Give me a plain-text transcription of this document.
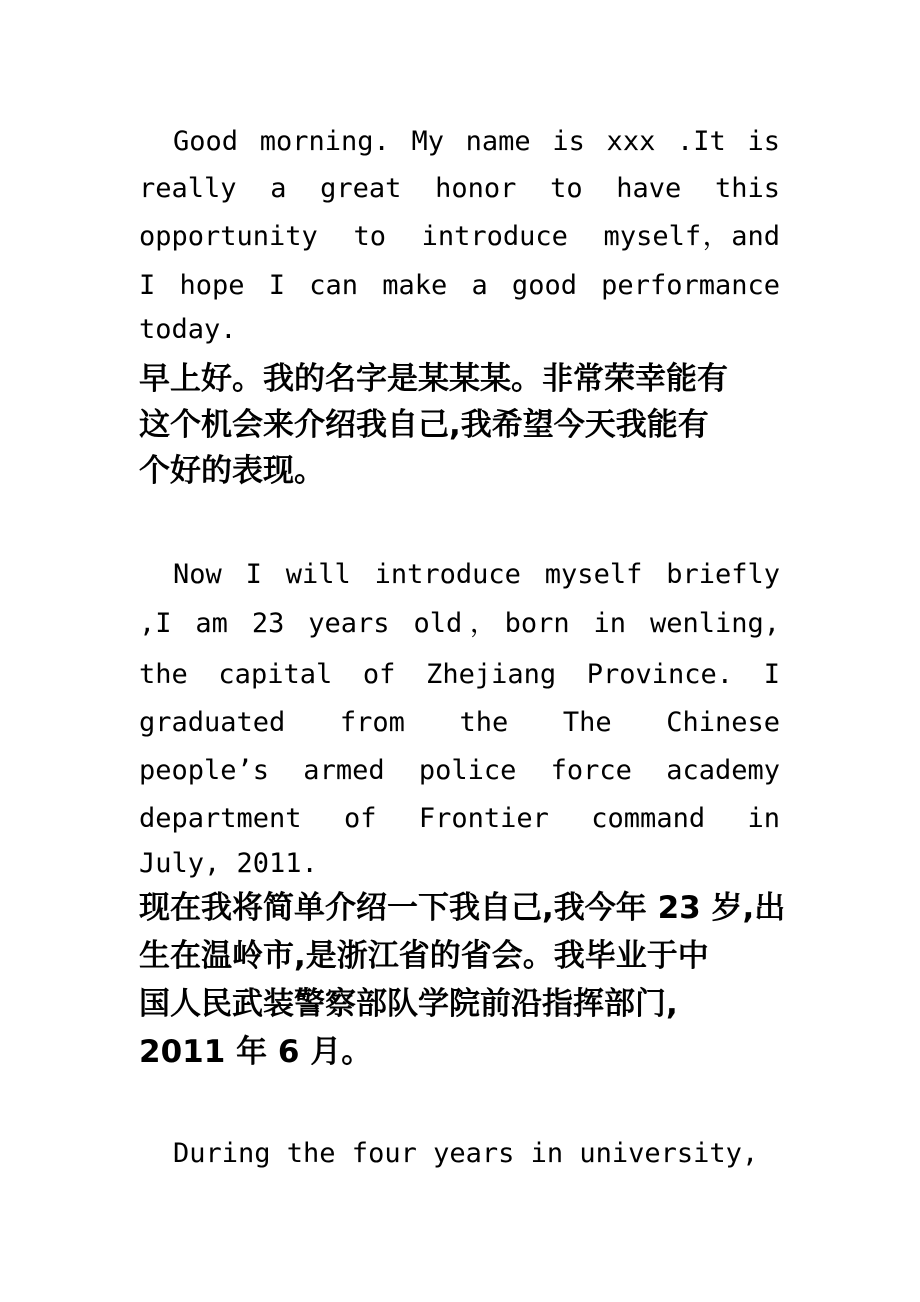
Good morning. My name is xxx .It is
really  a  great  honor  to  have  this
opportunity  to  introduce  myself，and
I hope I can make a good performance
today.
早上好。我的名字是某某某。非常荣幸能有
这个机会来介绍我自己,我希望今天我能有
个好的表现。
Now I will introduce myself briefly
,I am 23 years old，born in wenling,
the capital of Zhejiang Province. I
graduated from the The Chinese
people’s armed police force academy
department of Frontier command in
July, 2011.
现在我将简单介绍一下我自己,我今年 23 岁,出
生在温岭市,是浙江省的省会。我毕业于中
国人民武装警察部队学院前沿指挥部门,
2011 年 6 月。
During the four years in university,
